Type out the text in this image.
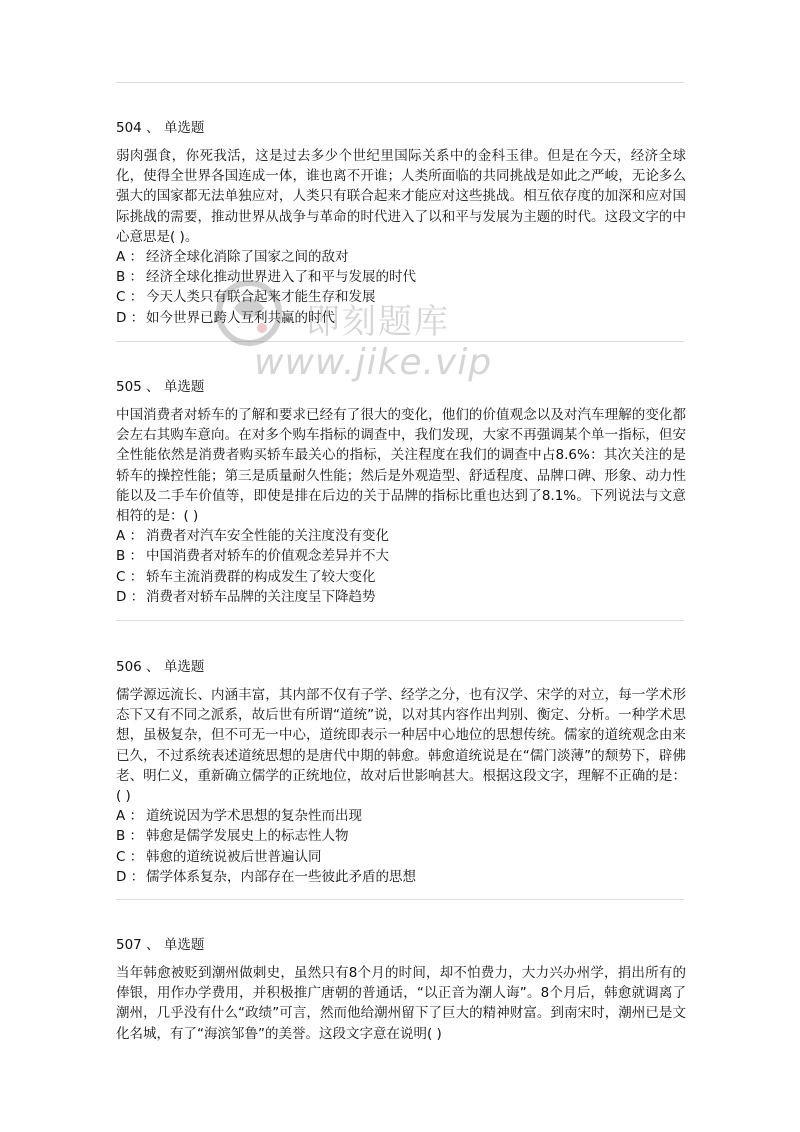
504 、 单选题
弱肉强食，你死我活，这是过去多少个世纪里国际关系中的金科玉律。但是在今天，经济全球化，使得全世界各国连成一体，谁也离不开谁；人类所面临的共同挑战是如此之严峻，无论多么强大的国家都无法单独应对，人类只有联合起来才能应对这些挑战。相互依存度的加深和应对国际挑战的需要，推动世界从战争与革命的时代进入了以和平与发展为主题的时代。这段文字的中心意思是( )。
A ： 经济全球化消除了国家之间的敌对
B ： 经济全球化推动世界进入了和平与发展的时代
C ： 今天人类只有联合起来才能生存和发展
D ： 如今世界已跨人互利共赢的时代
505 、 单选题
中国消费者对轿车的了解和要求已经有了很大的变化，他们的价值观念以及对汽车理解的变化都会左右其购车意向。在对多个购车指标的调查中，我们发现，大家不再强调某个单一指标，但安全性能依然是消费者购买轿车最关心的指标，关注程度在我们的调查中占8.6%：其次关注的是轿车的操控性能；第三是质量耐久性能；然后是外观造型、舒适程度、品牌口碑、形象、动力性能以及二手车价值等，即使是排在后边的关于品牌的指标比重也达到了8.1%。下列说法与文意相符的是：( )
A ： 消费者对汽车安全性能的关注度没有变化
B ： 中国消费者对轿车的价值观念差异并不大
C ： 轿车主流消费群的构成发生了较大变化
D ： 消费者对轿车品牌的关注度呈下降趋势
506 、 单选题
儒学源远流长、内涵丰富，其内部不仅有子学、经学之分，也有汉学、宋学的对立，每一学术形态下又有不同之派系，故后世有所谓“道统”说，以对其内容作出判别、衡定、分析。一种学术思想，虽极复杂，但不可无一中心，道统即表示一种居中心地位的思想传统。儒家的道统观念由来已久，不过系统表述道统思想的是唐代中期的韩愈。韩愈道统说是在“儒门淡薄”的颓势下，辟佛老、明仁义，重新确立儒学的正统地位，故对后世影响甚大。根据这段文字，理解不正确的是：( )
A ： 道统说因为学术思想的复杂性而出现
B ： 韩愈是儒学发展史上的标志性人物
C ： 韩愈的道统说被后世普遍认同
D ： 儒学体系复杂，内部存在一些彼此矛盾的思想
507 、 单选题
当年韩愈被贬到潮州做刺史，虽然只有8个月的时间，却不怕费力，大力兴办州学，捐出所有的俸银，用作办学费用，并积极推广唐朝的普通话，“以正音为潮人诲”。8个月后，韩愈就调离了潮州，几乎没有什么“政绩”可言，然而他给潮州留下了巨大的精神财富。到南宋时，潮州已是文化名城，有了“海滨邹鲁”的美誉。这段文字意在说明( )
即刻题库
www.jike.vip
